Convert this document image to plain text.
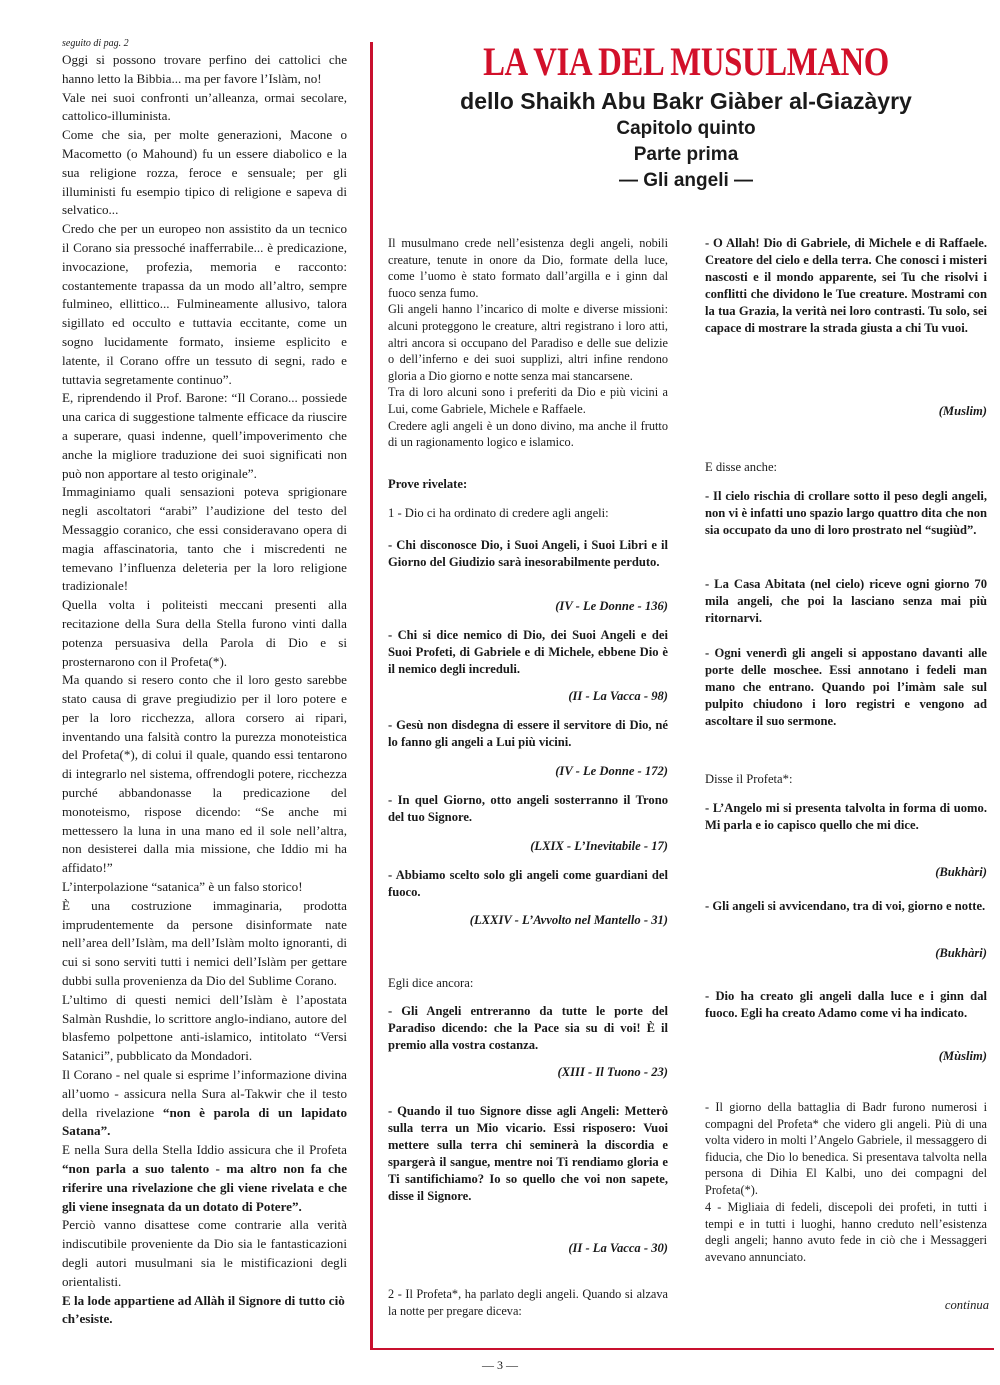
seguito di pag. 2

Oggi si possono trovare perfino dei cattolici che hanno letto la Bibbia... ma per favore l’Islàm, no!

Vale nei suoi confronti un’alleanza, ormai secolare, cattolico-illuminista.

Come che sia, per molte generazioni, Macone o Macometto (o Mahound) fu un essere diabolico e la sua religione rozza, feroce e sensuale; per gli illuministi fu esempio tipico di religione e sapeva di selvatico...

Credo che per un europeo non assistito da un tecnico il Corano sia pressoché inafferrabile... è predicazione, invocazione, profezia, memoria e racconto: costantemente trapassa da un modo all’altro, sempre fulmineo, ellittico... Fulmineamente allusivo, talora sigillato ed occulto e tuttavia eccitante, come un sogno lucidamente formato, insieme esplicito e latente, il Corano offre un tessuto di segni, rado e tuttavia segretamente continuo”.

E, riprendendo il Prof. Barone: “Il Corano... possiede una carica di suggestione talmente efficace da riuscire a superare, quasi indenne, quell’impoverimento che anche la migliore traduzione dei suoi significati non può non apportare al testo originale”.

Immaginiamo quali sensazioni poteva sprigionare negli ascoltatori “arabi” l’audizione del testo del Messaggio coranico, che essi consideravano opera di magia affascinatoria, tanto che i miscredenti ne temevano l’influenza deleteria per la loro religione tradizionale!

Quella volta i politeisti meccani presenti alla recitazione della Sura della Stella furono vinti dalla potenza persuasiva della Parola di Dio e si prosternarono con il Profeta(*).

Ma quando si resero conto che il loro gesto sarebbe stato causa di grave pregiudizio per il loro potere e per la loro ricchezza, allora corsero ai ripari, inventando una falsità contro la purezza monoteistica del Profeta(*), di colui il quale, quando essi tentarono di integrarlo nel sistema, offrendogli potere, ricchezza purché abbandonasse la predicazione del monoteismo, rispose dicendo: “Se anche mi mettessero la luna in una mano ed il sole nell’altra, non desisterei dalla mia missione, che Iddio mi ha affidato!”

L’interpolazione “satanica” è un falso storico!

È una costruzione immaginaria, prodotta imprudentemente da persone disinformate nate nell’area dell’Islàm, ma dell’Islàm molto ignoranti, di cui si sono serviti tutti i nemici dell’Islàm per gettare dubbi sulla provenienza da Dio del Sublime Corano.

L’ultimo di questi nemici dell’Islàm è l’apostata Salmàn Rushdie, lo scrittore anglo-indiano, autore del blasfemo polpettone anti-islamico, intitolato “Versi Satanici”, pubblicato da Mondadori.

Il Corano - nel quale si esprime l’informazione divina all’uomo - assicura nella Sura al-Takwir che il testo della rivelazione “non è parola di un lapidato Satana”.

E nella Sura della Stella Iddio assicura che il Profeta “non parla a suo talento - ma altro non fa che riferire una rivelazione che gli viene rivelata e che gli viene insegnata da un dotato di Potere”.

Perciò vanno disattese come contrarie alla verità indiscutibile proveniente da Dio sia le fantasticazioni degli autori musulmani sia le mistificazioni degli orientalisti.

E la lode appartiene ad Allàh il Signore di tutto ciò ch’esiste.

LA VIA DEL MUSULMANO
dello Shaikh Abu Bakr Giàber al-Giazàyry
Capitolo quinto
Parte prima
— Gli angeli —

Il musulmano crede nell’esistenza degli angeli, nobili creature, tenute in onore da Dio, formate della luce, come l’uomo è stato formato dall’argilla e i ginn dal fuoco senza fumo.

Gli angeli hanno l’incarico di molte e diverse missioni: alcuni proteggono le creature, altri registrano i loro atti, altri ancora si occupano del Paradiso e delle sue delizie o dell’inferno e dei suoi supplizi, altri infine rendono gloria a Dio giorno e notte senza mai stancarsene.

Tra di loro alcuni sono i preferiti da Dio e più vicini a Lui, come Gabriele, Michele e Raffaele.

Credere agli angeli è un dono divino, ma anche il frutto di un ragionamento logico e islamico.

Prove rivelate:
1 - Dio ci ha ordinato di credere agli angeli:
- Chi disconosce Dio, i Suoi Angeli, i Suoi Libri e il Giorno del Giudizio sarà inesorabilmente perduto.
(IV - Le Donne - 136)
- Chi si dice nemico di Dio, dei Suoi Angeli e dei Suoi Profeti, di Gabriele e di Michele, ebbene Dio è il nemico degli increduli.
(II - La Vacca - 98)
- Gesù non disdegna di essere il servitore di Dio, né lo fanno gli angeli a Lui più vicini.
(IV - Le Donne - 172)
- In quel Giorno, otto angeli sosterranno il Trono del tuo Signore.
(LXIX - L’Inevitabile - 17)
- Abbiamo scelto solo gli angeli come guardiani del fuoco.
(LXXIV - L’Avvolto nel Mantello - 31)
Egli dice ancora:
- Gli Angeli entreranno da tutte le porte del Paradiso dicendo: che la Pace sia su di voi! È il premio alla vostra costanza.
(XIII - Il Tuono - 23)
- Quando il tuo Signore disse agli Angeli: Metterò sulla terra un Mio vicario. Essi risposero: Vuoi mettere sulla terra chi seminerà la discordia e spargerà il sangue, mentre noi Ti rendiamo gloria e Ti santifichiamo? Io so quello che voi non sapete, disse il Signore.
(II - La Vacca - 30)
2 - Il Profeta*, ha parlato degli angeli. Quando si alzava la notte per pregare diceva:
- O Allah! Dio di Gabriele, di Michele e di Raffaele. Creatore del cielo e della terra. Che conosci i misteri nascosti e il mondo apparente, sei Tu che risolvi i conflitti che dividono le Tue creature. Mostrami con la tua Grazia, la verità nei loro contrasti. Tu solo, sei capace di mostrare la strada giusta a chi Tu vuoi.
(Muslim)
E disse anche:
- Il cielo rischia di crollare sotto il peso degli angeli, non vi è infatti uno spazio largo quattro dita che non sia occupato da uno di loro prostrato nel “sugiùd”.
- La Casa Abitata (nel cielo) riceve ogni giorno 70 mila angeli, che poi la lasciano senza mai più ritornarvi.
- Ogni venerdì gli angeli si appostano davanti alle porte delle moschee. Essi annotano i fedeli man mano che entrano. Quando poi l’imàm sale sul pulpito chiudono i loro registri e vengono ad ascoltare il suo sermone.
Disse il Profeta*:
- L’Angelo mi si presenta talvolta in forma di uomo. Mi parla e io capisco quello che mi dice.
(Bukhàri)
- Gli angeli si avvicendano, tra di voi, giorno e notte.
(Bukhàri)
- Dio ha creato gli angeli dalla luce e i ginn dal fuoco. Egli ha creato Adamo come vi ha indicato.
(Mùslim)
- Il giorno della battaglia di Badr furono numerosi i compagni del Profeta* che videro gli angeli. Più di una volta videro in molti l’Angelo Gabriele, il messaggero di fiducia, che Dio lo benedica. Si presentava talvolta nella persona di Dihia El Kalbi, uno dei compagni del Profeta(*).
4 - Migliaia di fedeli, discepoli dei profeti, in tutti i tempi e in tutti i luoghi, hanno creduto nell’esistenza degli angeli; hanno avuto fede in ciò che i Messaggeri avevano annunciato.
continua
— 3 —
